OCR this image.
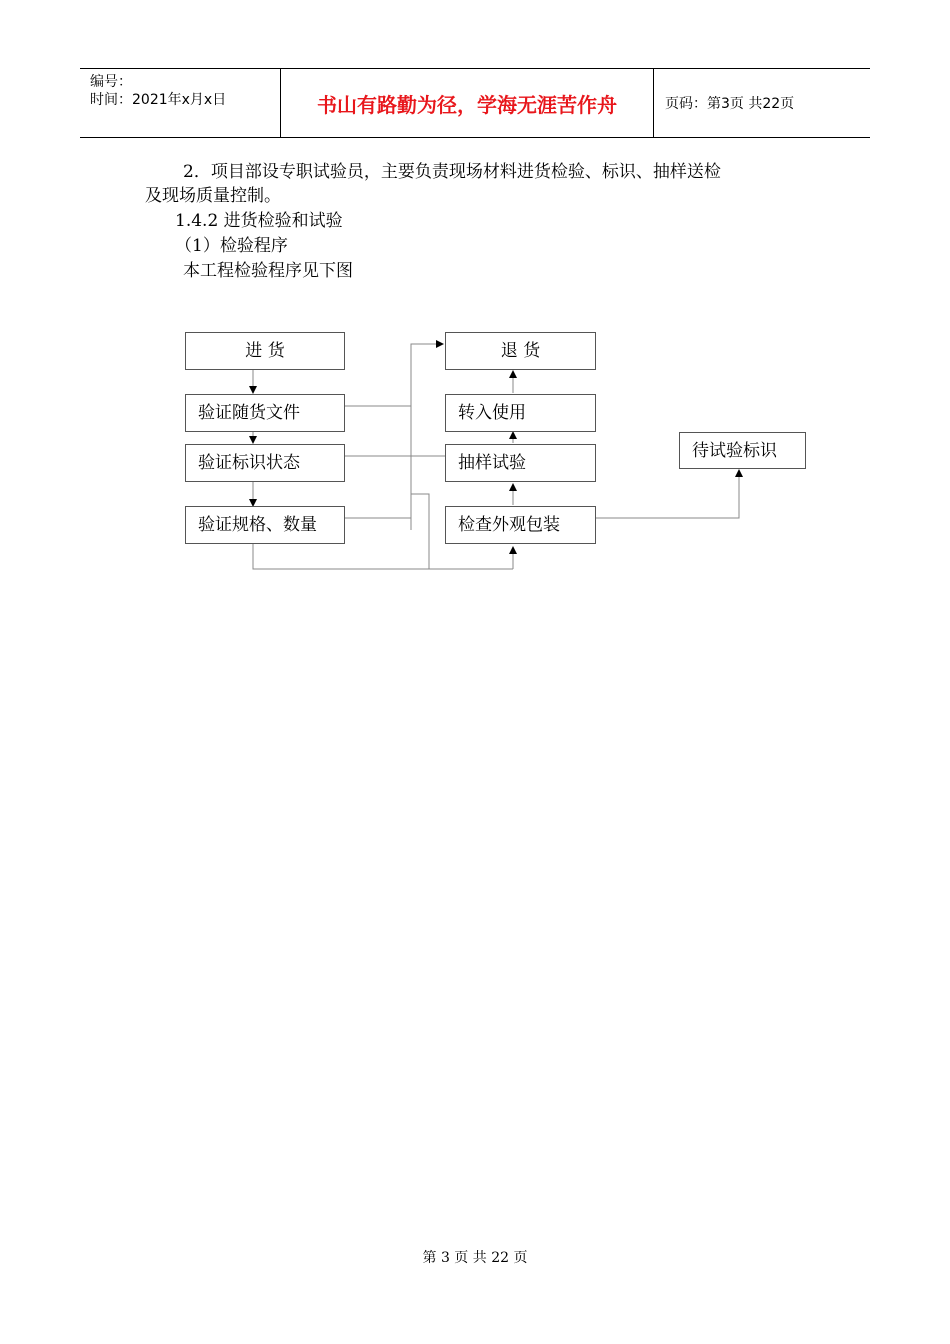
编号：
时间：2021年x月x日	书山有路勤为径，学海无涯苦作舟	页码：第3页 共22页
2．项目部设专职试验员，主要负责现场材料进货检验、标识、抽样送检
及现场质量控制。
1.4.2 进货检验和试验
（1）检验程序
本工程检验程序见下图
进 货
验证随货文件
验证标识状态
验证规格、数量
退 货
转入使用
抽样试验
检查外观包装
待试验标识
第 3 页 共 22 页
